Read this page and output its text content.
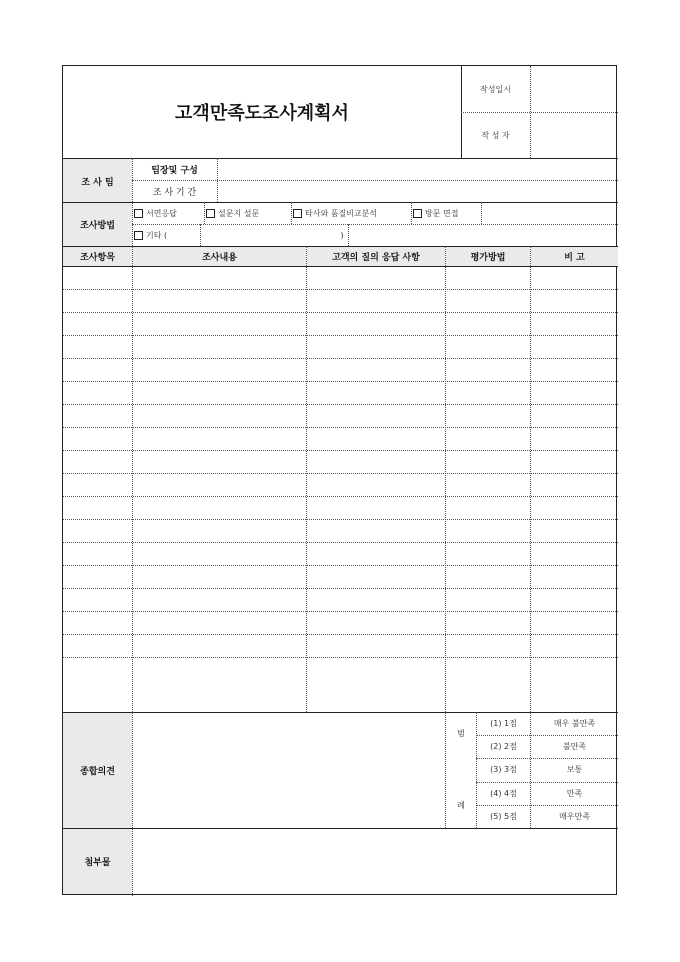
고객만족도조사계획서
작성일시
작 성 자
조 사 팀
팀장및 구성
조 사 기 간
조사방법
서면응답	설문지 설문	타사와 품질비교분석	방문 면접
기타 (	)
조사항목	조사내용	고객의 질의 응답 사항	평가방법	비 고
종합의견
범
례
(1) 1점	매우 불만족
(2) 2점	불만족
(3) 3점	보통
(4) 4점	만족
(5) 5점	매우만족
첨부물
